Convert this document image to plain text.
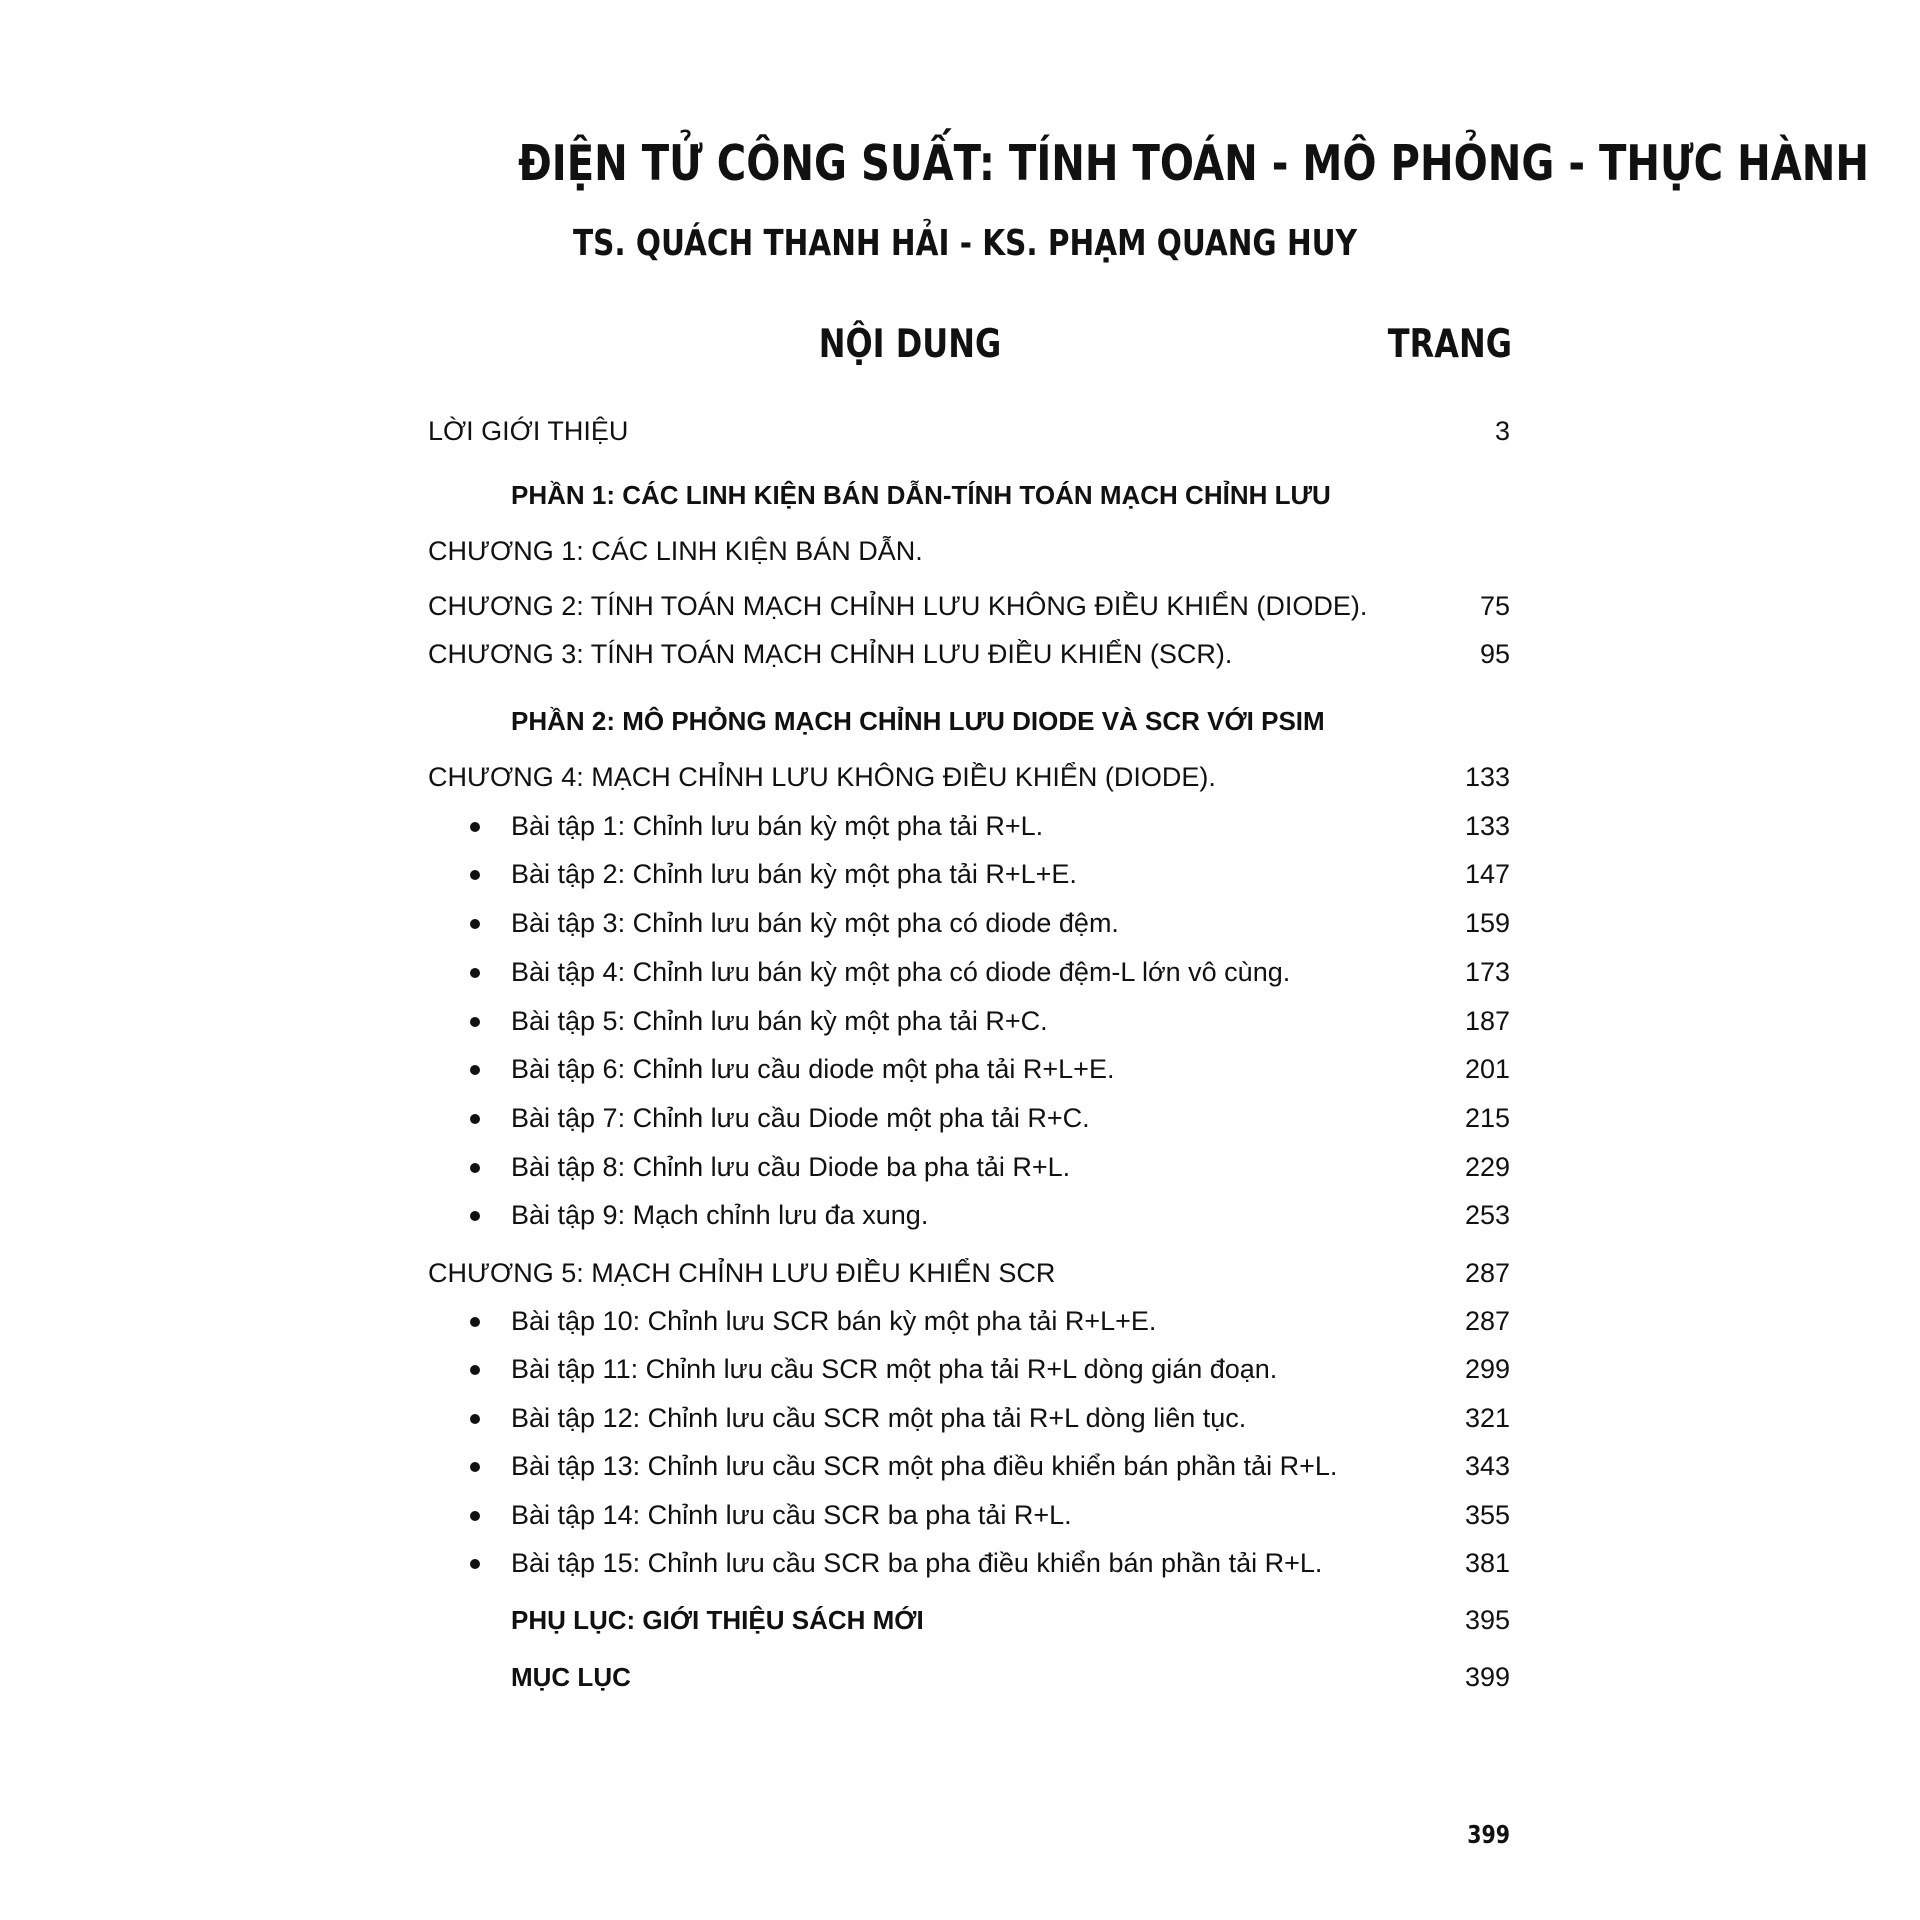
ĐIỆN TỬ CÔNG SUẤT: TÍNH TOÁN - MÔ PHỎNG - THỰC HÀNH
TS. QUÁCH THANH HẢI - KS. PHẠM QUANG HUY
NỘI DUNG	TRANG
LỜI GIỚI THIỆU	3
PHẦN 1: CÁC LINH KIỆN BÁN DẪN-TÍNH TOÁN MẠCH CHỈNH LƯU
CHƯƠNG 1: CÁC LINH KIỆN BÁN DẪN.
CHƯƠNG 2: TÍNH TOÁN MẠCH CHỈNH LƯU KHÔNG ĐIỀU KHIỂN (DIODE).	75
CHƯƠNG 3: TÍNH TOÁN MẠCH CHỈNH LƯU ĐIỀU KHIỂN (SCR).	95
PHẦN 2: MÔ PHỎNG MẠCH CHỈNH LƯU DIODE VÀ SCR VỚI PSIM
CHƯƠNG 4: MẠCH CHỈNH LƯU KHÔNG ĐIỀU KHIỂN (DIODE).	133
Bài tập 1: Chỉnh lưu bán kỳ một pha tải R+L.	133
Bài tập 2: Chỉnh lưu bán kỳ một pha tải R+L+E.	147
Bài tập 3: Chỉnh lưu bán kỳ một pha có diode đệm.	159
Bài tập 4: Chỉnh lưu bán kỳ một pha có diode đệm-L lớn vô cùng.	173
Bài tập 5: Chỉnh lưu bán kỳ một pha tải R+C.	187
Bài tập 6: Chỉnh lưu cầu diode một pha tải R+L+E.	201
Bài tập 7: Chỉnh lưu cầu Diode một pha tải R+C.	215
Bài tập 8: Chỉnh lưu cầu Diode ba pha tải R+L.	229
Bài tập 9: Mạch chỉnh lưu đa xung.	253
CHƯƠNG 5: MẠCH CHỈNH LƯU ĐIỀU KHIỂN SCR	287
Bài tập 10: Chỉnh lưu SCR bán kỳ một pha tải R+L+E.	287
Bài tập 11: Chỉnh lưu cầu SCR một pha tải R+L dòng gián đoạn.	299
Bài tập 12: Chỉnh lưu cầu SCR một pha tải R+L dòng liên tục.	321
Bài tập 13: Chỉnh lưu cầu SCR một pha điều khiển bán phần tải R+L.	343
Bài tập 14: Chỉnh lưu cầu SCR ba pha tải R+L.	355
Bài tập 15: Chỉnh lưu cầu SCR ba pha điều khiển bán phần tải R+L.	381
PHỤ LỤC: GIỚI THIỆU SÁCH MỚI	395
MỤC LỤC	399
399
